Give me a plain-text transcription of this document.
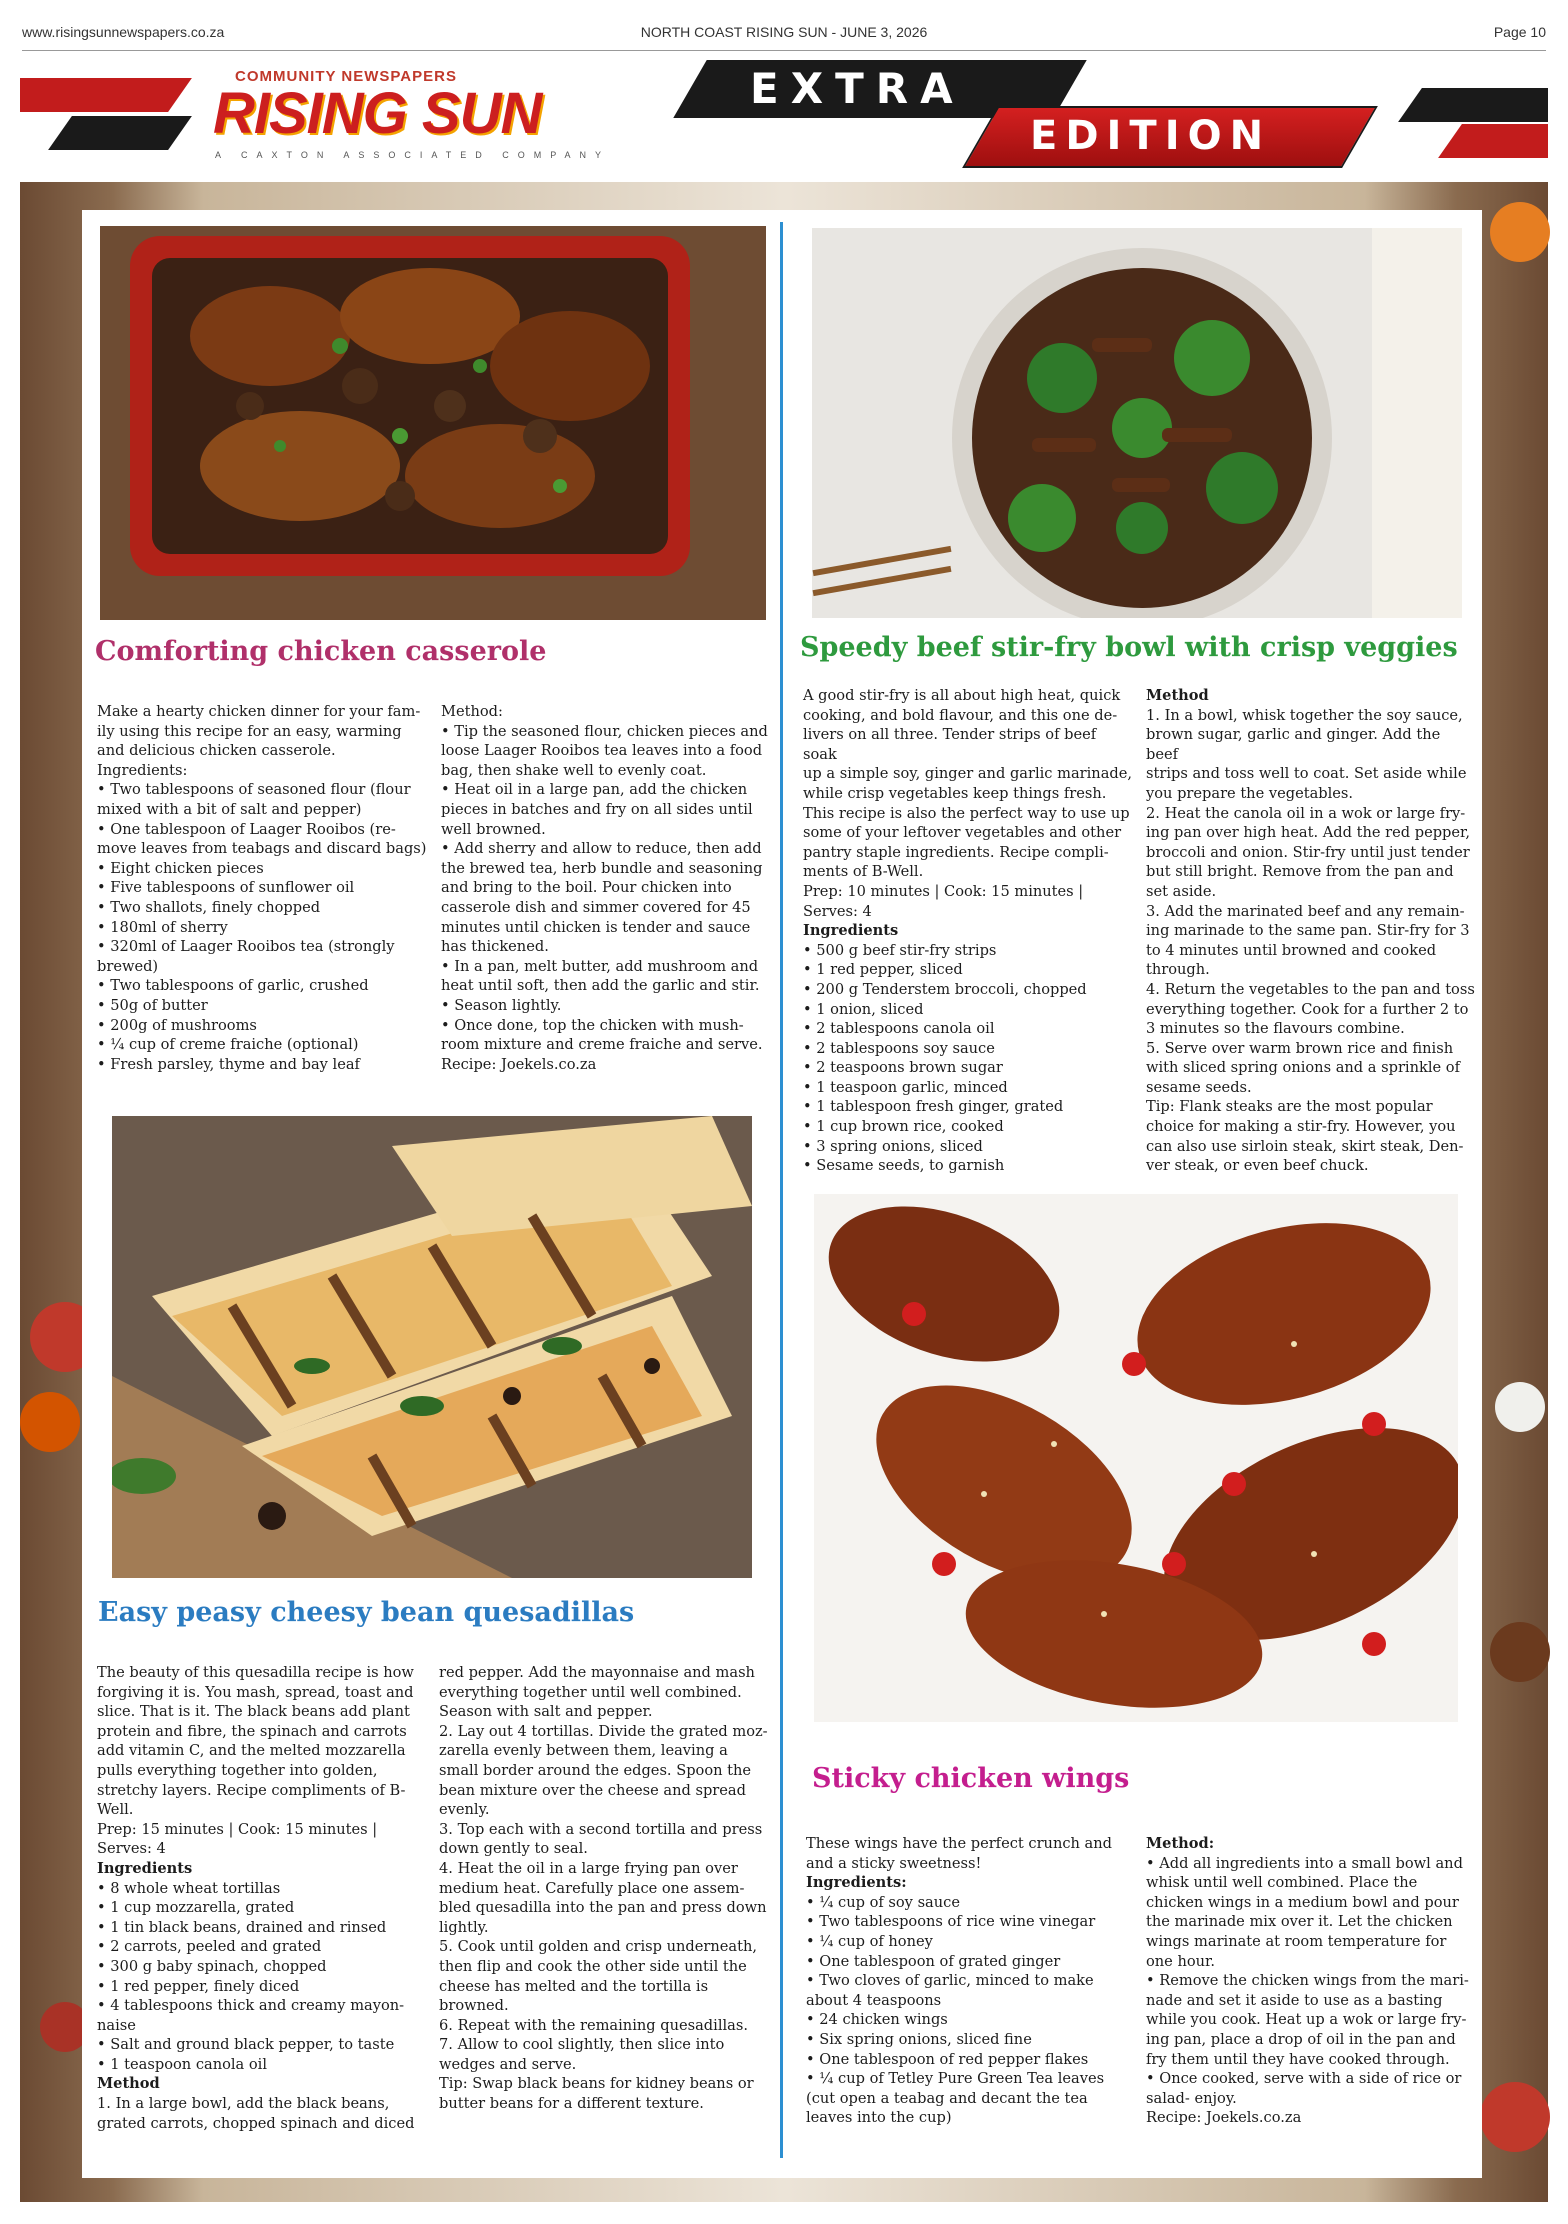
www.risingsunnewspapers.co.za	NORTH COAST RISING SUN - JUNE 3, 2026	Page 10
COMMUNITY NEWSPAPERS
RISING SUN
A CAXTON ASSOCIATED COMPANY
EXTRA
EDITION
Comforting chicken casserole

Make a hearty chicken dinner for your fam-

ily using this recipe for an easy, warming

and delicious chicken casserole.

Ingredients:

• Two tablespoons of seasoned flour (flour

mixed with a bit of salt and pepper)

• One tablespoon of Laager Rooibos (re-

move leaves from teabags and discard bags)

• Eight chicken pieces

• Five tablespoons of sunflower oil

• Two shallots, finely chopped

• 180ml of sherry

• 320ml of Laager Rooibos tea (strongly

brewed)

• Two tablespoons of garlic, crushed

• 50g of butter

• 200g of mushrooms

• ¼ cup of creme fraiche (optional)

• Fresh parsley, thyme and bay leaf

Method:

• Tip the seasoned flour, chicken pieces and

loose Laager Rooibos tea leaves into a food

bag, then shake well to evenly coat.

• Heat oil in a large pan, add the chicken

pieces in batches and fry on all sides until

well browned.

• Add sherry and allow to reduce, then add

the brewed tea, herb bundle and seasoning

and bring to the boil. Pour chicken into

casserole dish and simmer covered for 45

minutes until chicken is tender and sauce

has thickened.

• In a pan, melt butter, add mushroom and

heat until soft, then add the garlic and stir.

• Season lightly.

• Once done, top the chicken with mush-

room mixture and creme fraiche and serve.

Recipe: Joekels.co.za

Speedy beef stir-fry bowl with crisp veggies

A good stir-fry is all about high heat, quick

cooking, and bold flavour, and this one de-

livers on all three. Tender strips of beef soak

up a simple soy, ginger and garlic marinade,

while crisp vegetables keep things fresh.

This recipe is also the perfect way to use up

some of your leftover vegetables and other

pantry staple ingredients. Recipe compli-

ments of B-Well.

Prep: 10 minutes | Cook: 15 minutes |

Serves: 4

Ingredients

• 500 g beef stir-fry strips

• 1 red pepper, sliced

• 200 g Tenderstem broccoli, chopped

• 1 onion, sliced

• 2 tablespoons canola oil

• 2 tablespoons soy sauce

• 2 teaspoons brown sugar

• 1 teaspoon garlic, minced

• 1 tablespoon fresh ginger, grated

• 1 cup brown rice, cooked

• 3 spring onions, sliced

• Sesame seeds, to garnish

Method

1. In a bowl, whisk together the soy sauce,

brown sugar, garlic and ginger. Add the beef

strips and toss well to coat. Set aside while

you prepare the vegetables.

2. Heat the canola oil in a wok or large fry-

ing pan over high heat. Add the red pepper,

broccoli and onion. Stir-fry until just tender

but still bright. Remove from the pan and

set aside.

3. Add the marinated beef and any remain-

ing marinade to the same pan. Stir-fry for 3

to 4 minutes until browned and cooked

through.

4. Return the vegetables to the pan and toss

everything together. Cook for a further 2 to

3 minutes so the flavours combine.

5. Serve over warm brown rice and finish

with sliced spring onions and a sprinkle of

sesame seeds.

Tip: Flank steaks are the most popular

choice for making a stir-fry. However, you

can also use sirloin steak, skirt steak, Den-

ver steak, or even beef chuck.

Easy peasy cheesy bean quesadillas

The beauty of this quesadilla recipe is how

forgiving it is. You mash, spread, toast and

slice. That is it. The black beans add plant

protein and fibre, the spinach and carrots

add vitamin C, and the melted mozzarella

pulls everything together into golden,

stretchy layers. Recipe compliments of B-

Well.

Prep: 15 minutes | Cook: 15 minutes |

Serves: 4

Ingredients

• 8 whole wheat tortillas

• 1 cup mozzarella, grated

• 1 tin black beans, drained and rinsed

• 2 carrots, peeled and grated

• 300 g baby spinach, chopped

• 1 red pepper, finely diced

• 4 tablespoons thick and creamy mayon-

naise

• Salt and ground black pepper, to taste

• 1 teaspoon canola oil

Method

1. In a large bowl, add the black beans,

grated carrots, chopped spinach and diced

red pepper. Add the mayonnaise and mash

everything together until well combined.

Season with salt and pepper.

2. Lay out 4 tortillas. Divide the grated moz-

zarella evenly between them, leaving a

small border around the edges. Spoon the

bean mixture over the cheese and spread

evenly.

3. Top each with a second tortilla and press

down gently to seal.

4. Heat the oil in a large frying pan over

medium heat. Carefully place one assem-

bled quesadilla into the pan and press down

lightly.

5. Cook until golden and crisp underneath,

then flip and cook the other side until the

cheese has melted and the tortilla is

browned.

6. Repeat with the remaining quesadillas.

7. Allow to cool slightly, then slice into

wedges and serve.

Tip: Swap black beans for kidney beans or

butter beans for a different texture.

Sticky chicken wings

These wings have the perfect crunch and

and a sticky sweetness!

Ingredients:

• ¼ cup of soy sauce

• Two tablespoons of rice wine vinegar

• ¼ cup of honey

• One tablespoon of grated ginger

• Two cloves of garlic, minced to make

about 4 teaspoons

• 24 chicken wings

• Six spring onions, sliced fine

• One tablespoon of red pepper flakes

• ¼ cup of Tetley Pure Green Tea leaves

(cut open a teabag and decant the tea

leaves into the cup)

Method:

• Add all ingredients into a small bowl and

whisk until well combined. Place the

chicken wings in a medium bowl and pour

the marinade mix over it. Let the chicken

wings marinate at room temperature for

one hour.

• Remove the chicken wings from the mari-

nade and set it aside to use as a basting

while you cook. Heat up a wok or large fry-

ing pan, place a drop of oil in the pan and

fry them until they have cooked through.

• Once cooked, serve with a side of rice or

salad- enjoy.

Recipe: Joekels.co.za
